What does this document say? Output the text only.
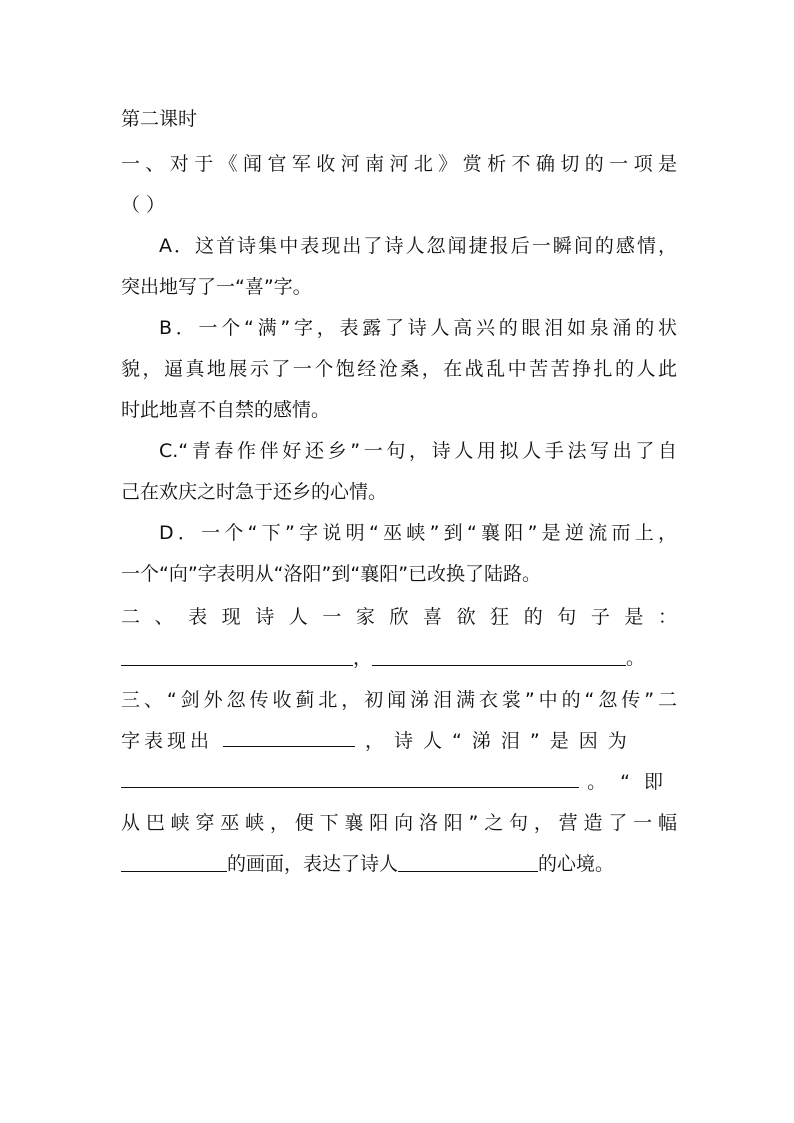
第二课时
一、对于《闻官军收河南河北》赏析不确切的一项是
（ ）
A．这首诗集中表现出了诗人忽闻捷报后一瞬间的感情，
突出地写了一“喜”字。
B．一个“满”字，表露了诗人高兴的眼泪如泉涌的状
貌，逼真地展示了一个饱经沧桑，在战乱中苦苦挣扎的人此
时此地喜不自禁的感情。
C.“青春作伴好还乡”一句，诗人用拟人手法写出了自
己在欢庆之时急于还乡的心情。
D．一个“下”字说明“巫峡”到“襄阳”是逆流而上，
一个“向”字表明从“洛阳”到“襄阳”已改换了陆路。
二、表现诗人一家欣喜欲狂的句子是：
，	。
三、“剑外忽传收蓟北，初闻涕泪满衣裳”中的“忽传”二
字表现出	，诗人“涕泪”是因为
。“即
从巴峡穿巫峡，便下襄阳向洛阳”之句，营造了一幅
的画面，表达了诗人	的心境。
